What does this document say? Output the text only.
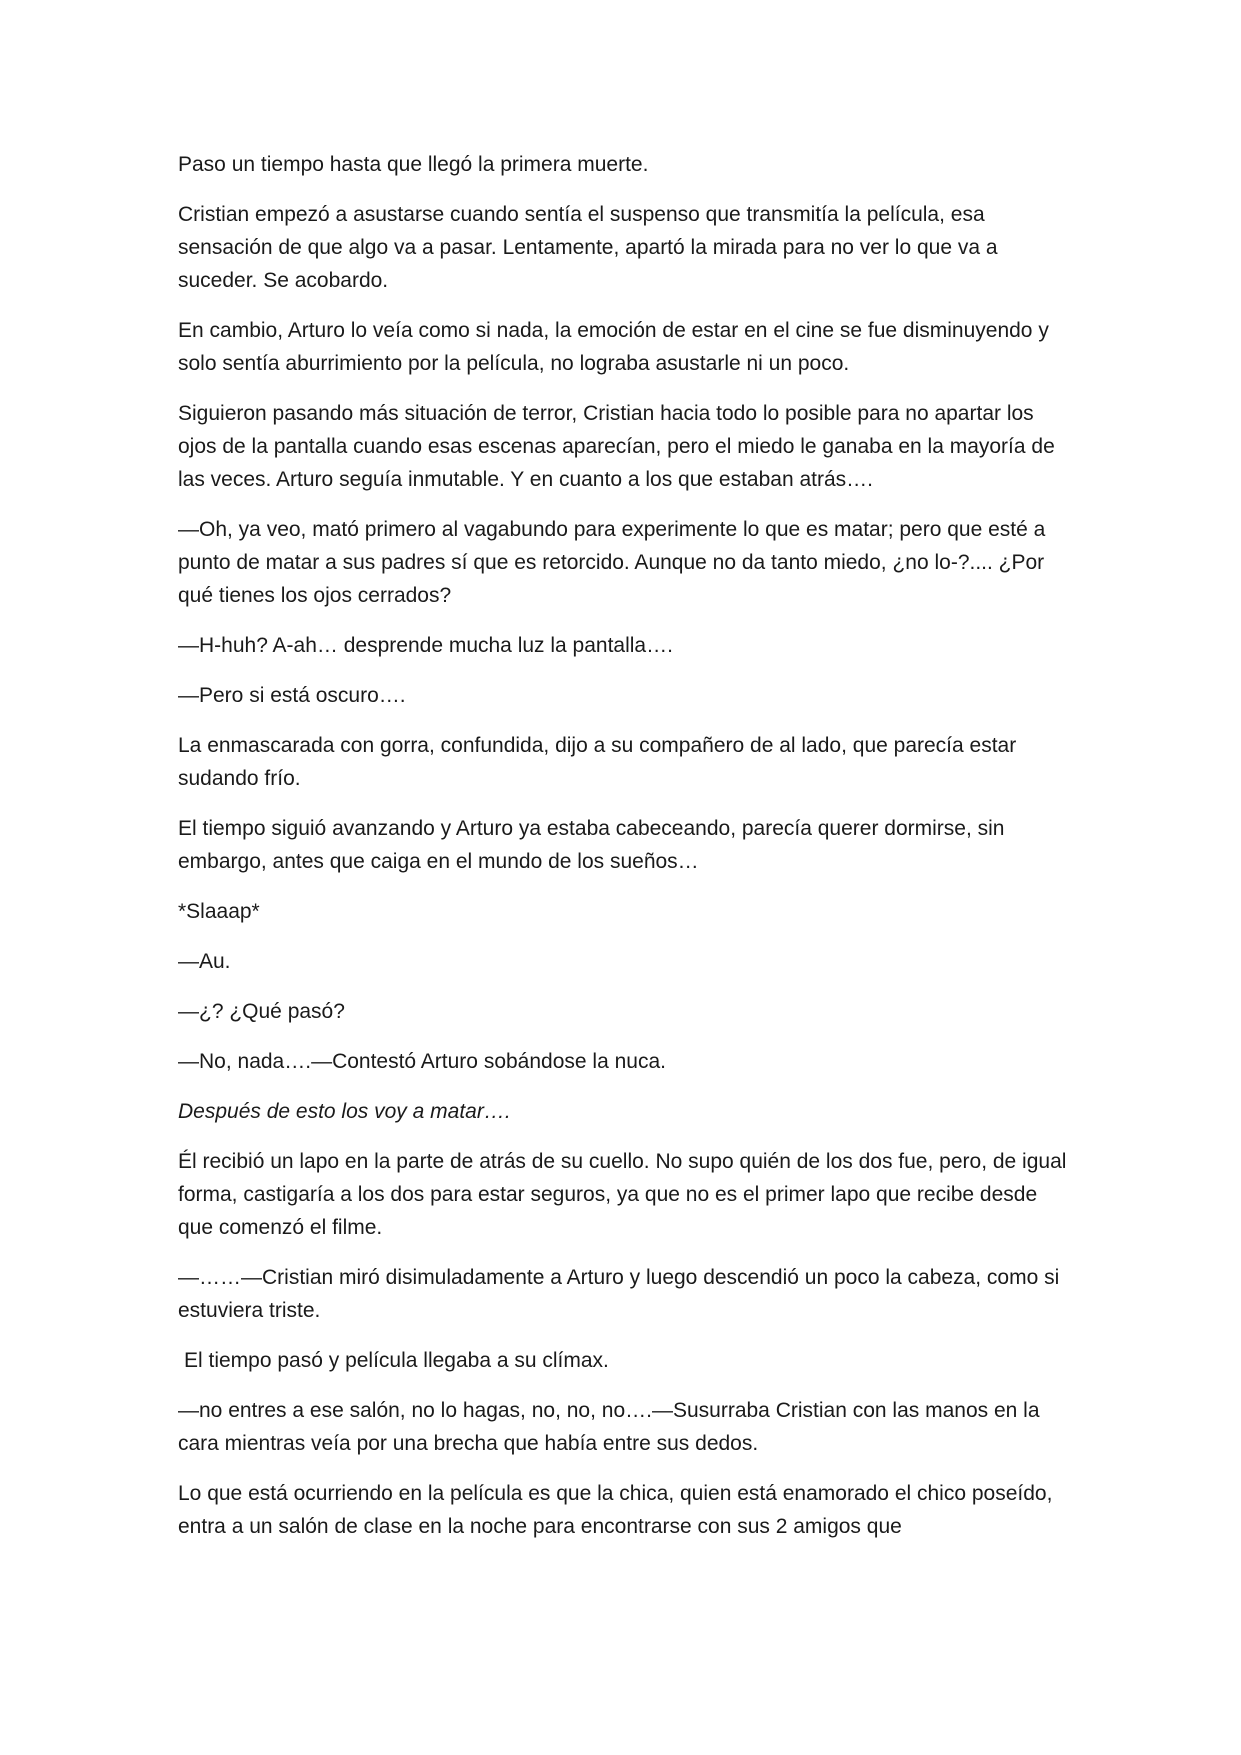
Paso un tiempo hasta que llegó la primera muerte.

Cristian empezó a asustarse cuando sentía el suspenso que transmitía la película, esa sensación de que algo va a pasar. Lentamente, apartó la mirada para no ver lo que va a suceder. Se acobardo.

En cambio, Arturo lo veía como si nada, la emoción de estar en el cine se fue disminuyendo y solo sentía aburrimiento por la película, no lograba asustarle ni un poco.

Siguieron pasando más situación de terror, Cristian hacia todo lo posible para no apartar los ojos de la pantalla cuando esas escenas aparecían, pero el miedo le ganaba en la mayoría de las veces. Arturo seguía inmutable. Y en cuanto a los que estaban atrás….

—Oh, ya veo, mató primero al vagabundo para experimente lo que es matar; pero que esté a punto de matar a sus padres sí que es retorcido. Aunque no da tanto miedo, ¿no lo-?.... ¿Por qué tienes los ojos cerrados?

—H-huh? A-ah… desprende mucha luz la pantalla….

—Pero si está oscuro….

La enmascarada con gorra, confundida, dijo a su compañero de al lado, que parecía estar sudando frío.

El tiempo siguió avanzando y Arturo ya estaba cabeceando, parecía querer dormirse, sin embargo, antes que caiga en el mundo de los sueños…

*Slaaap*

—Au.

—¿? ¿Qué pasó?

—No, nada….—Contestó Arturo sobándose la nuca.

Después de esto los voy a matar….

Él recibió un lapo en la parte de atrás de su cuello. No supo quién de los dos fue, pero, de igual forma, castigaría a los dos para estar seguros, ya que no es el primer lapo que recibe desde que comenzó el filme.

—……—Cristian miró disimuladamente a Arturo y luego descendió un poco la cabeza, como si estuviera triste.

El tiempo pasó y película llegaba a su clímax.

—no entres a ese salón, no lo hagas, no, no, no….—Susurraba Cristian con las manos en la cara mientras veía por una brecha que había entre sus dedos.

Lo que está ocurriendo en la película es que la chica, quien está enamorado el chico poseído, entra a un salón de clase en la noche para encontrarse con sus 2 amigos que
